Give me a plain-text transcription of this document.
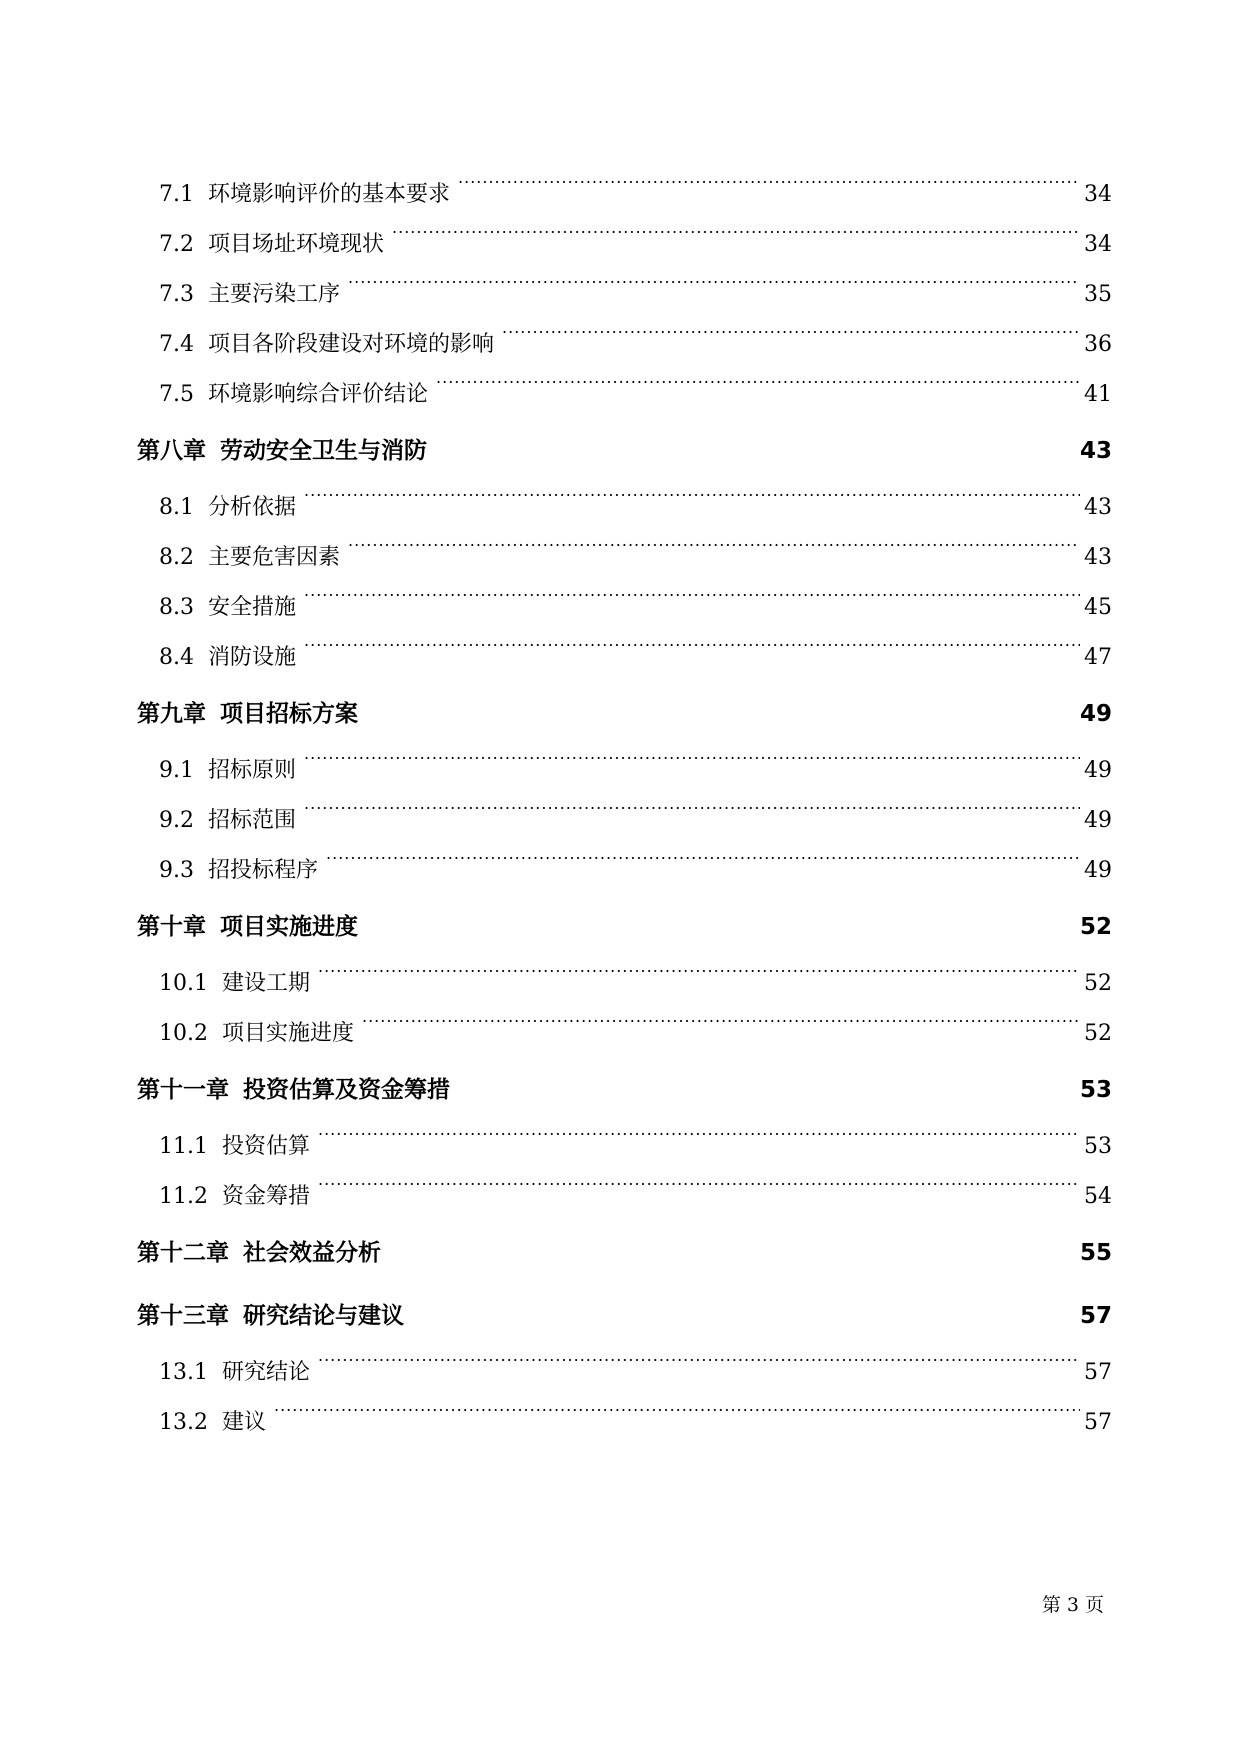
7.1 环境影响评价的基本要求 .....	34
7.2 项目场址环境现状 .....	34
7.3 主要污染工序 .....	35
7.4 项目各阶段建设对环境的影响 .....	36
7.5 环境影响综合评价结论 .....	41
第八章 劳动安全卫生与消防 .....	43
8.1 分析依据 .....	43
8.2 主要危害因素 .....	43
8.3 安全措施 .....	45
8.4 消防设施 .....	47
第九章 项目招标方案 .....	49
9.1 招标原则 .....	49
9.2 招标范围 .....	49
9.3 招投标程序 .....	49
第十章 项目实施进度 .....	52
10.1 建设工期 .....	52
10.2 项目实施进度 .....	52
第十一章 投资估算及资金筹措 .....	53
11.1 投资估算 .....	53
11.2 资金筹措 .....	54
第十二章 社会效益分析 .....	55
第十三章 研究结论与建议 .....	57
13.1 研究结论 .....	57
13.2 建议 .....	57
第 3 页
